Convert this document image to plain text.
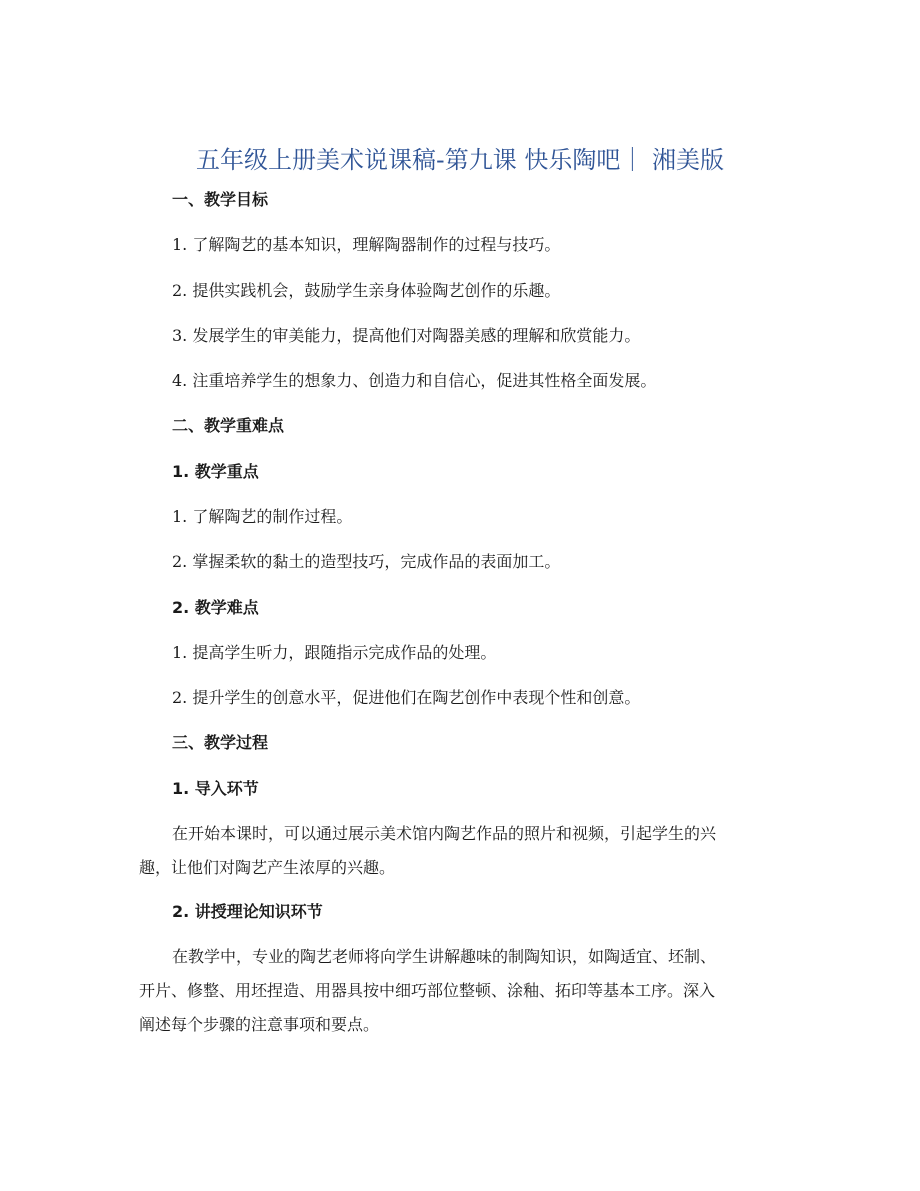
五年级上册美术说课稿-第九课 快乐陶吧｜ 湘美版

一、教学目标

1. 了解陶艺的基本知识，理解陶器制作的过程与技巧。

2. 提供实践机会，鼓励学生亲身体验陶艺创作的乐趣。

3. 发展学生的审美能力，提高他们对陶器美感的理解和欣赏能力。

4. 注重培养学生的想象力、创造力和自信心，促进其性格全面发展。

二、教学重难点

1. 教学重点

1. 了解陶艺的制作过程。

2. 掌握柔软的黏土的造型技巧，完成作品的表面加工。

2. 教学难点

1. 提高学生听力，跟随指示完成作品的处理。

2. 提升学生的创意水平，促进他们在陶艺创作中表现个性和创意。

三、教学过程

1. 导入环节

在开始本课时，可以通过展示美术馆内陶艺作品的照片和视频，引起学生的兴
趣，让他们对陶艺产生浓厚的兴趣。

2. 讲授理论知识环节

在教学中，专业的陶艺老师将向学生讲解趣味的制陶知识，如陶适宜、坯制、
开片、修整、用坯捏造、用器具按中细巧部位整顿、涂釉、拓印等基本工序。深入
阐述每个步骤的注意事项和要点。
